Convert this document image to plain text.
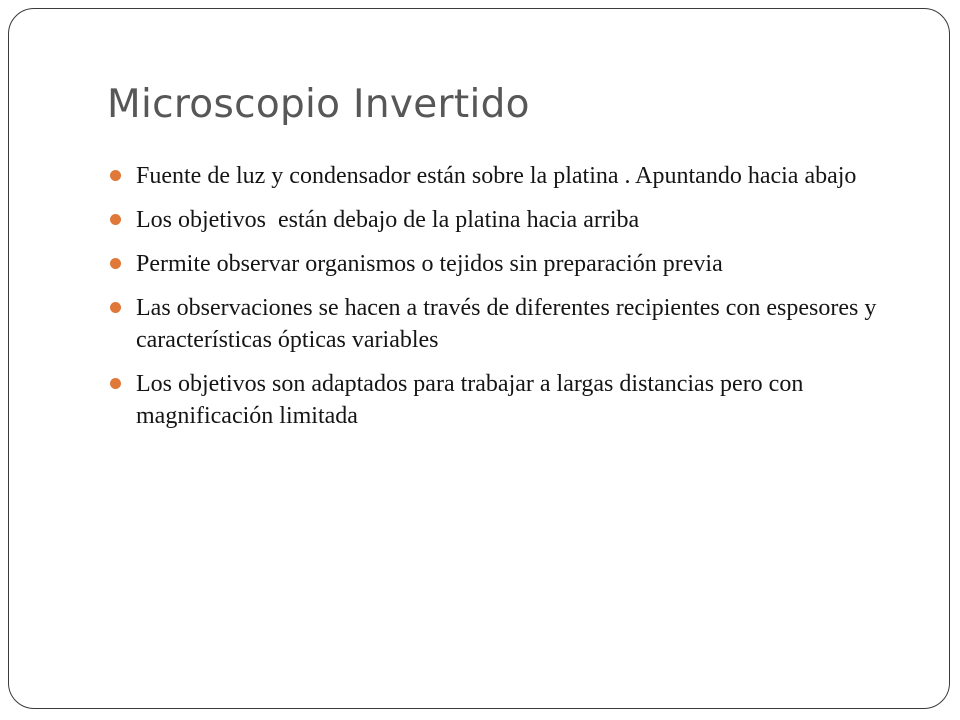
Microscopio Invertido
Fuente de luz y condensador están sobre la platina . Apuntando hacia abajo
Los objetivos  están debajo de la platina hacia arriba
Permite observar organismos o tejidos sin preparación previa
Las observaciones se hacen a través de diferentes recipientes con espesores y características ópticas variables
Los objetivos son adaptados para trabajar a largas distancias pero con magnificación limitada
